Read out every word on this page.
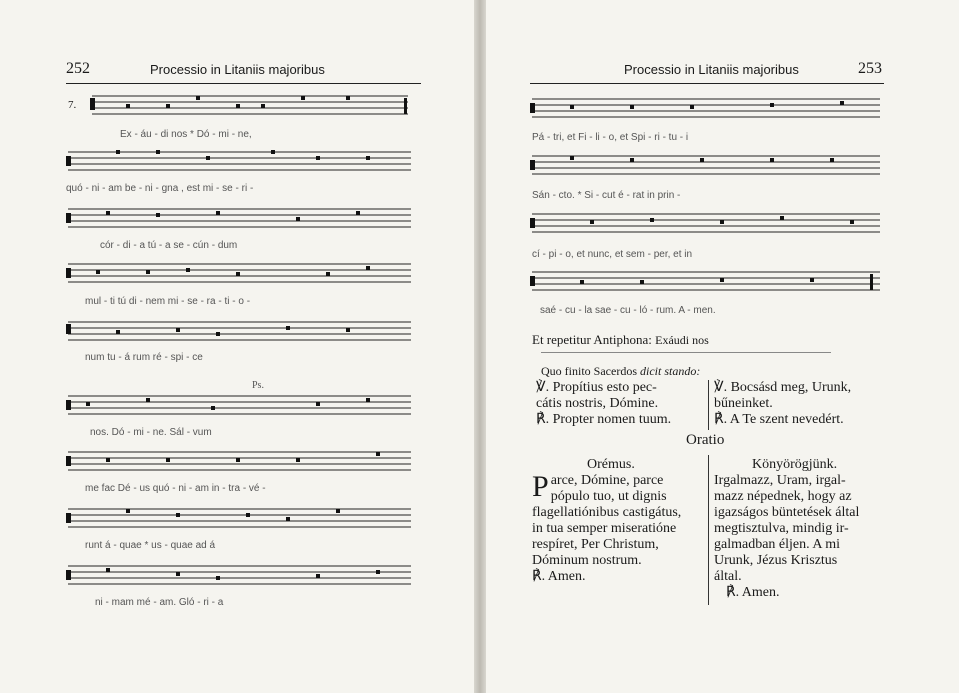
252	Processio in Litaniis majoribus
7.
Ex - áu - di nos * Dó - mi - ne,
quó - ni - am be - ni - gna , est mi - se - ri -
cór - di - a tú - a se - cún - dum
mul - ti tú di - nem mi - se - ra - ti - o -
num tu - á rum ré - spi - ce
Ps.
nos. Dó - mi - ne. Sál - vum
me fac Dé - us quó - ni - am in - tra - vé -
runt á - quae * us - quae ad á
ni - mam mé - am. Gló - ri - a
Processio in Litaniis majoribus	253
Pá - tri, et Fi - li - o, et Spi - ri - tu - i
Sán - cto. * Si - cut é - rat in prin -
cí - pi - o, et nunc, et sem - per, et in
saé - cu - la sae - cu - ló - rum. A - men.
Et repetitur Antiphona: Exáudi nos
Quo finito Sacerdos dicit stando:
℣. Propítius esto pec-
cátis nostris, Dómine.
℟. Propter nomen tuum.
℣. Bocsásd meg, Urunk,
bűneinket.
℟. A Te szent nevedért.
Oratio
Orémus.
P arce, Dómine, parce
pópulo tuo, ut dignis
flagellatiónibus castigátus,
in tua semper miseratióne
respíret, Per Christum,
Dóminum nostrum.
℟. Amen.
Könyörögjünk.
Irgalmazz, Uram, irgal-
mazz népednek, hogy az
igazságos büntetések által
megtisztulva, mindig ir-
galmadban éljen. A mi
Urunk, Jézus Krisztus
által.
℟. Amen.
